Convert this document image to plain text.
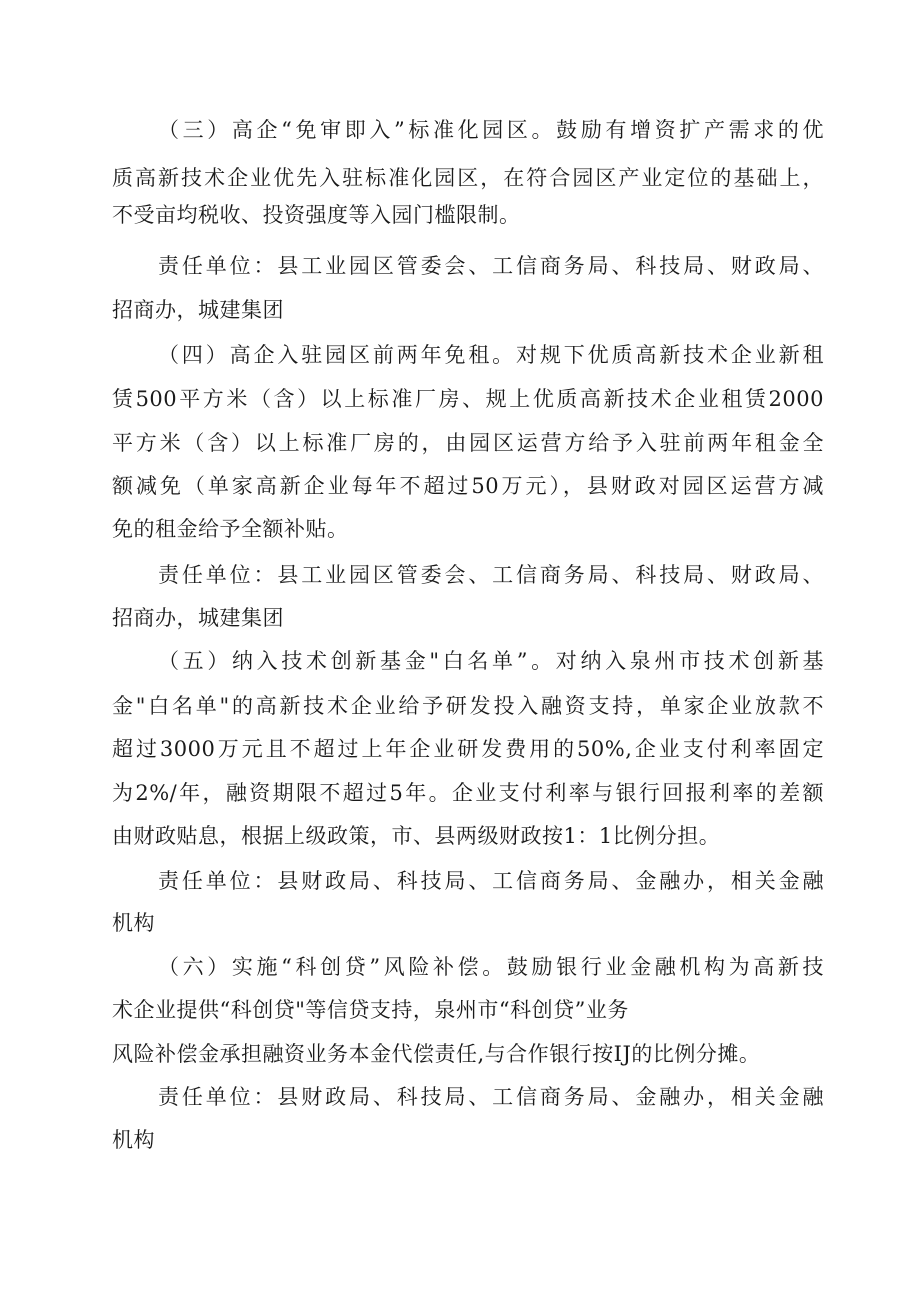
（三）高企“免审即入”标准化园区。鼓励有增资扩产需求的优
质高新技术企业优先入驻标准化园区，在符合园区产业定位的基础上，
不受亩均税收、投资强度等入园门槛限制。
责任单位：县工业园区管委会、工信商务局、科技局、财政局、
招商办，城建集团
（四）高企入驻园区前两年免租。对规下优质高新技术企业新租
赁500平方米（含）以上标准厂房、规上优质高新技术企业租赁2000
平方米（含）以上标准厂房的，由园区运营方给予入驻前两年租金全
额减免（单家高新企业每年不超过50万元），县财政对园区运营方减
免的租金给予全额补贴。
责任单位：县工业园区管委会、工信商务局、科技局、财政局、
招商办，城建集团
（五）纳入技术创新基金"白名单”。对纳入泉州市技术创新基
金"白名单"的高新技术企业给予研发投入融资支持，单家企业放款不
超过3000万元且不超过上年企业研发费用的50%,企业支付利率固定
为2%/年，融资期限不超过5年。企业支付利率与银行回报利率的差额
由财政贴息，根据上级政策，市、县两级财政按1：1比例分担。
责任单位：县财政局、科技局、工信商务局、金融办，相关金融
机构
（六）实施“科创贷”风险补偿。鼓励银行业金融机构为高新技
术企业提供“科创贷"等信贷支持，泉州市“科创贷”业务
风险补偿金承担融资业务本金代偿责任,与合作银行按IJ的比例分摊。
责任单位：县财政局、科技局、工信商务局、金融办，相关金融
机构
